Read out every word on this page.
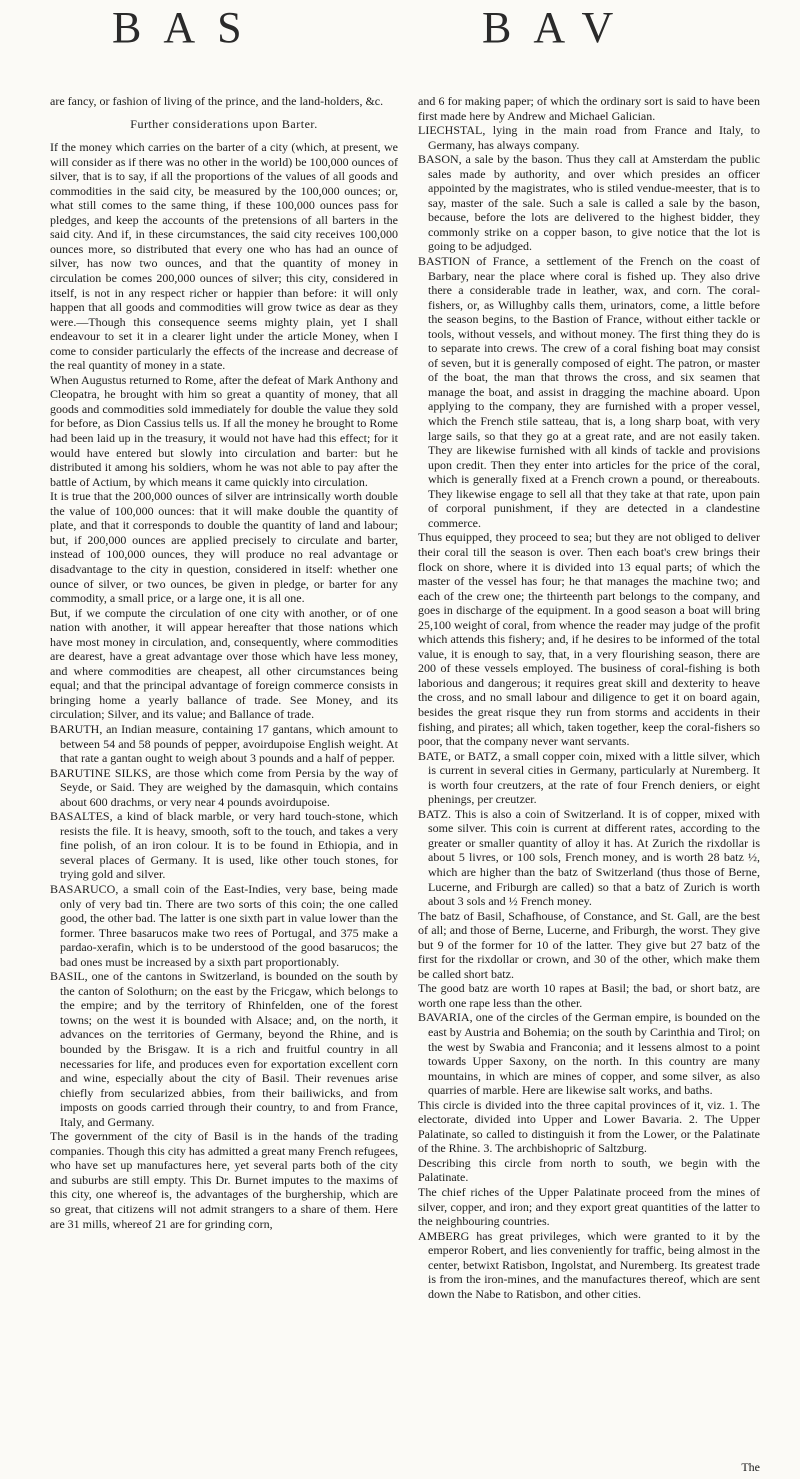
BAS	BAV

are fancy, or fashion of living of the prince, and the land-holders, &c.

Further considerations upon Barter.

If the money which carries on the barter of a city (which, at present, we will consider as if there was no other in the world) be 100,000 ounces of silver, that is to say, if all the proportions of the values of all goods and commodities in the said city, be measured by the 100,000 ounces; or, what still comes to the same thing, if these 100,000 ounces pass for pledges, and keep the accounts of the pretensions of all barters in the said city. And if, in these circumstances, the said city receives 100,000 ounces more, so distributed that every one who has had an ounce of silver, has now two ounces, and that the quantity of money in circulation be comes 200,000 ounces of silver; this city, considered in itself, is not in any respect richer or happier than before: it will only happen that all goods and commodities will grow twice as dear as they were.—Though this consequence seems mighty plain, yet I shall endeavour to set it in a clearer light under the article Money, when I come to consider particularly the effects of the increase and decrease of the real quantity of money in a state.

When Augustus returned to Rome, after the defeat of Mark Anthony and Cleopatra, he brought with him so great a quantity of money, that all goods and commodities sold immediately for double the value they sold for before, as Dion Cassius tells us. If all the money he brought to Rome had been laid up in the treasury, it would not have had this effect; for it would have entered but slowly into circulation and barter: but he distributed it among his soldiers, whom he was not able to pay after the battle of Actium, by which means it came quickly into circulation.

It is true that the 200,000 ounces of silver are intrinsically worth double the value of 100,000 ounces: that it will make double the quantity of plate, and that it corresponds to double the quantity of land and labour; but, if 200,000 ounces are applied precisely to circulate and barter, instead of 100,000 ounces, they will produce no real advantage or disadvantage to the city in question, considered in itself: whether one ounce of silver, or two ounces, be given in pledge, or barter for any commodity, a small price, or a large one, it is all one.

But, if we compute the circulation of one city with another, or of one nation with another, it will appear hereafter that those nations which have most money in circulation, and, consequently, where commodities are dearest, have a great advantage over those which have less money, and where commodities are cheapest, all other circumstances being equal; and that the principal advantage of foreign commerce consists in bringing home a yearly ballance of trade. See Money, and its circulation; Silver, and its value; and Ballance of trade.

BARUTH, an Indian measure, containing 17 gantans, which amount to between 54 and 58 pounds of pepper, avoirdupoise English weight. At that rate a gantan ought to weigh about 3 pounds and a half of pepper.

BARUTINE SILKS, are those which come from Persia by the way of Seyde, or Said. They are weighed by the damasquin, which contains about 600 drachms, or very near 4 pounds avoirdupoise.

BASALTES, a kind of black marble, or very hard touch-stone, which resists the file. It is heavy, smooth, soft to the touch, and takes a very fine polish, of an iron colour. It is to be found in Ethiopia, and in several places of Germany. It is used, like other touch stones, for trying gold and silver.

BASARUCO, a small coin of the East-Indies, very base, being made only of very bad tin. There are two sorts of this coin; the one called good, the other bad. The latter is one sixth part in value lower than the former. Three basarucos make two rees of Portugal, and 375 make a pardao-xerafin, which is to be understood of the good basarucos; the bad ones must be increased by a sixth part proportionably.

BASIL, one of the cantons in Switzerland, is bounded on the south by the canton of Solothurn; on the east by the Fricgaw, which belongs to the empire; and by the territory of Rhinfelden, one of the forest towns; on the west it is bounded with Alsace; and, on the north, it advances on the territories of Germany, beyond the Rhine, and is bounded by the Brisgaw. It is a rich and fruitful country in all necessaries for life, and produces even for exportation excellent corn and wine, especially about the city of Basil. Their revenues arise chiefly from secularized abbies, from their bailiwicks, and from imposts on goods carried through their country, to and from France, Italy, and Germany.

The government of the city of Basil is in the hands of the trading companies. Though this city has admitted a great many French refugees, who have set up manufactures here, yet several parts both of the city and suburbs are still empty. This Dr. Burnet imputes to the maxims of this city, one whereof is, the advantages of the burghership, which are so great, that citizens will not admit strangers to a share of them. Here are 31 mills, whereof 21 are for grinding corn,

and 6 for making paper; of which the ordinary sort is said to have been first made here by Andrew and Michael Galician.

LIECHSTAL, lying in the main road from France and Italy, to Germany, has always company.

BASON, a sale by the bason. Thus they call at Amsterdam the public sales made by authority, and over which presides an officer appointed by the magistrates, who is stiled vendue-meester, that is to say, master of the sale. Such a sale is called a sale by the bason, because, before the lots are delivered to the highest bidder, they commonly strike on a copper bason, to give notice that the lot is going to be adjudged.

BASTION of France, a settlement of the French on the coast of Barbary, near the place where coral is fished up. They also drive there a considerable trade in leather, wax, and corn. The coral-fishers, or, as Willughby calls them, urinators, come, a little before the season begins, to the Bastion of France, without either tackle or tools, without vessels, and without money. The first thing they do is to separate into crews. The crew of a coral fishing boat may consist of seven, but it is generally composed of eight. The patron, or master of the boat, the man that throws the cross, and six seamen that manage the boat, and assist in dragging the machine aboard. Upon applying to the company, they are furnished with a proper vessel, which the French stile satteau, that is, a long sharp boat, with very large sails, so that they go at a great rate, and are not easily taken. They are likewise furnished with all kinds of tackle and provisions upon credit. Then they enter into articles for the price of the coral, which is generally fixed at a French crown a pound, or thereabouts. They likewise engage to sell all that they take at that rate, upon pain of corporal punishment, if they are detected in a clandestine commerce.

Thus equipped, they proceed to sea; but they are not obliged to deliver their coral till the season is over. Then each boat's crew brings their flock on shore, where it is divided into 13 equal parts; of which the master of the vessel has four; he that manages the machine two; and each of the crew one; the thirteenth part belongs to the company, and goes in discharge of the equipment. In a good season a boat will bring 25,100 weight of coral, from whence the reader may judge of the profit which attends this fishery; and, if he desires to be informed of the total value, it is enough to say, that, in a very flourishing season, there are 200 of these vessels employed. The business of coral-fishing is both laborious and dangerous; it requires great skill and dexterity to heave the cross, and no small labour and diligence to get it on board again, besides the great risque they run from storms and accidents in their fishing, and pirates; all which, taken together, keep the coral-fishers so poor, that the company never want servants.

BATE, or BATZ, a small copper coin, mixed with a little silver, which is current in several cities in Germany, particularly at Nuremberg. It is worth four creutzers, at the rate of four French deniers, or eight phenings, per creutzer.

BATZ. This is also a coin of Switzerland. It is of copper, mixed with some silver. This coin is current at different rates, according to the greater or smaller quantity of alloy it has. At Zurich the rixdollar is about 5 livres, or 100 sols, French money, and is worth 28 batz ½, which are higher than the batz of Switzerland (thus those of Berne, Lucerne, and Friburgh are called) so that a batz of Zurich is worth about 3 sols and ½ French money.

The batz of Basil, Schafhouse, of Constance, and St. Gall, are the best of all; and those of Berne, Lucerne, and Friburgh, the worst. They give but 9 of the former for 10 of the latter. They give but 27 batz of the first for the rixdollar or crown, and 30 of the other, which make them be called short batz.

The good batz are worth 10 rapes at Basil; the bad, or short batz, are worth one rape less than the other.

BAVARIA, one of the circles of the German empire, is bounded on the east by Austria and Bohemia; on the south by Carinthia and Tirol; on the west by Swabia and Franconia; and it lessens almost to a point towards Upper Saxony, on the north. In this country are many mountains, in which are mines of copper, and some silver, as also quarries of marble. Here are likewise salt works, and baths.

This circle is divided into the three capital provinces of it, viz. 1. The electorate, divided into Upper and Lower Bavaria. 2. The Upper Palatinate, so called to distinguish it from the Lower, or the Palatinate of the Rhine. 3. The archbishopric of Saltzburg.

Describing this circle from north to south, we begin with the Palatinate.

The chief riches of the Upper Palatinate proceed from the mines of silver, copper, and iron; and they export great quantities of the latter to the neighbouring countries.

AMBERG has great privileges, which were granted to it by the emperor Robert, and lies conveniently for traffic, being almost in the center, betwixt Ratisbon, Ingolstat, and Nuremberg. Its greatest trade is from the iron-mines, and the manufactures thereof, which are sent down the Nabe to Ratisbon, and other cities.

The
